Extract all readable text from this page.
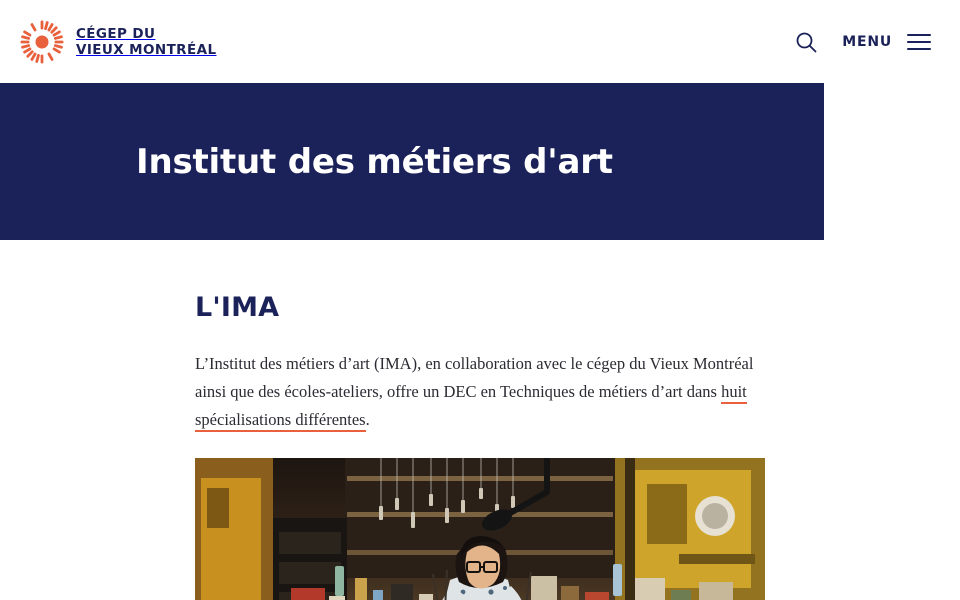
CÉGEP DU
VIEUX MONTRÉAL	MENU
Institut des métiers d'art
L'IMA

L’Institut des métiers d’art (IMA), en collaboration avec le cégep du Vieux Montréal ainsi que des écoles-ateliers, offre un DEC en Techniques de métiers d’art dans huit spécialisations différentes.
